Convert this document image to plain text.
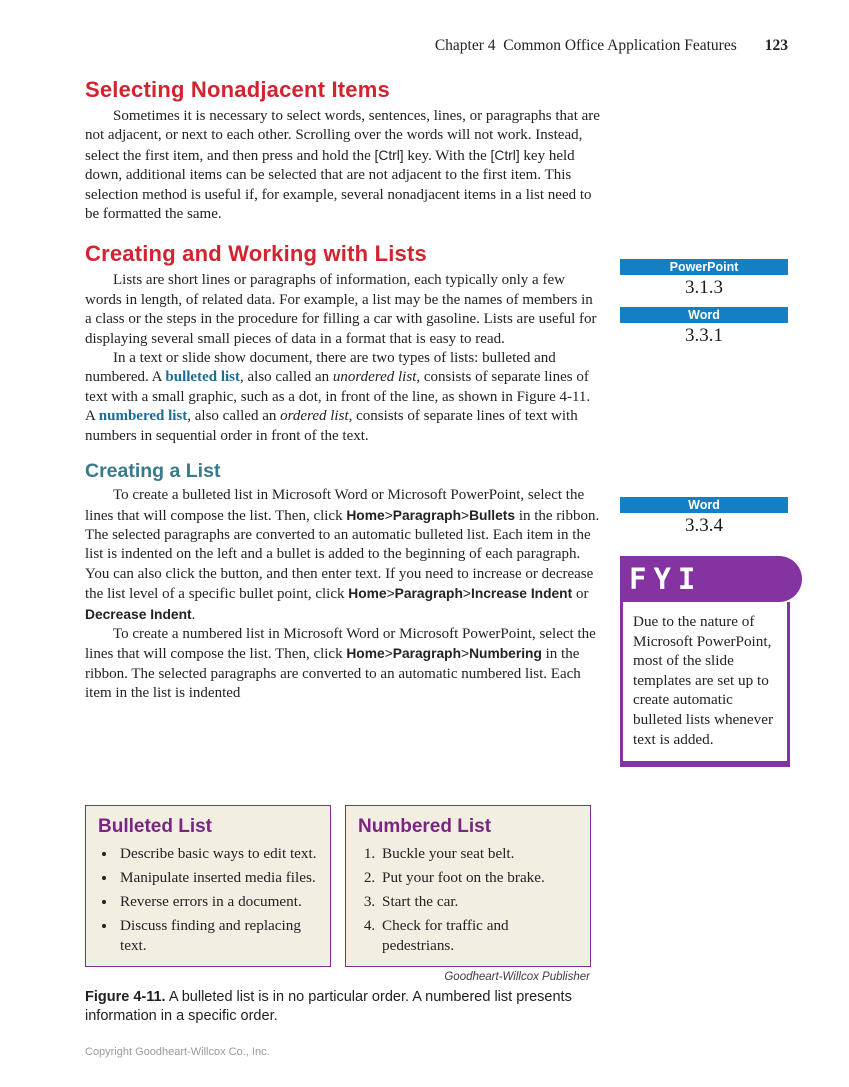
Chapter 4  Common Office Application Features 123
Selecting Nonadjacent Items

Sometimes it is necessary to select words, sentences, lines, or paragraphs that are not adjacent, or next to each other. Scrolling over the words will not work. Instead, select the first item, and then press and hold the [Ctrl] key. With the [Ctrl] key held down, additional items can be selected that are not adjacent to the first item. This selection method is useful if, for example, several nonadjacent items in a list need to be formatted the same.

Creating and Working with Lists

Lists are short lines or paragraphs of information, each typically only a few words in length, of related data. For example, a list may be the names of members in a class or the steps in the procedure for filling a car with gasoline. Lists are useful for displaying several small pieces of data in a format that is easy to read.

In a text or slide show document, there are two types of lists: bulleted and numbered. A bulleted list, also called an unordered list, consists of separate lines of text with a small graphic, such as a dot, in front of the line, as shown in Figure 4-11. A numbered list, also called an ordered list, consists of separate lines of text with numbers in sequential order in front of the text.

Creating a List

To create a bulleted list in Microsoft Word or Microsoft PowerPoint, select the lines that will compose the list. Then, click Home>Paragraph>Bullets in the ribbon. The selected paragraphs are converted to an automatic bulleted list. Each item in the list is indented on the left and a bullet is added to the beginning of each paragraph. You can also click the button, and then enter text. If you need to increase or decrease the list level of a specific bullet point, click Home>Paragraph>Increase Indent or Decrease Indent.

To create a numbered list in Microsoft Word or Microsoft PowerPoint, select the lines that will compose the list. Then, click Home>Paragraph>Numbering in the ribbon. The selected paragraphs are converted to an automatic numbered list. Each item in the list is indented

PowerPoint
3.1.3
Word
3.3.1
Word
3.3.4
FYI
Due to the nature of Microsoft PowerPoint, most of the slide templates are set up to create automatic bulleted lists whenever text is added.
Bulleted List
• Describe basic ways to edit text.
• Manipulate inserted media files.
• Reverse errors in a document.
• Discuss finding and replacing text.
Numbered List
1. Buckle your seat belt.
2. Put your foot on the brake.
3. Start the car.
4. Check for traffic and pedestrians.
Goodheart-Willcox Publisher
Figure 4-11. A bulleted list is in no particular order. A numbered list presents information in a specific order.
Copyright Goodheart-Willcox Co., Inc.
